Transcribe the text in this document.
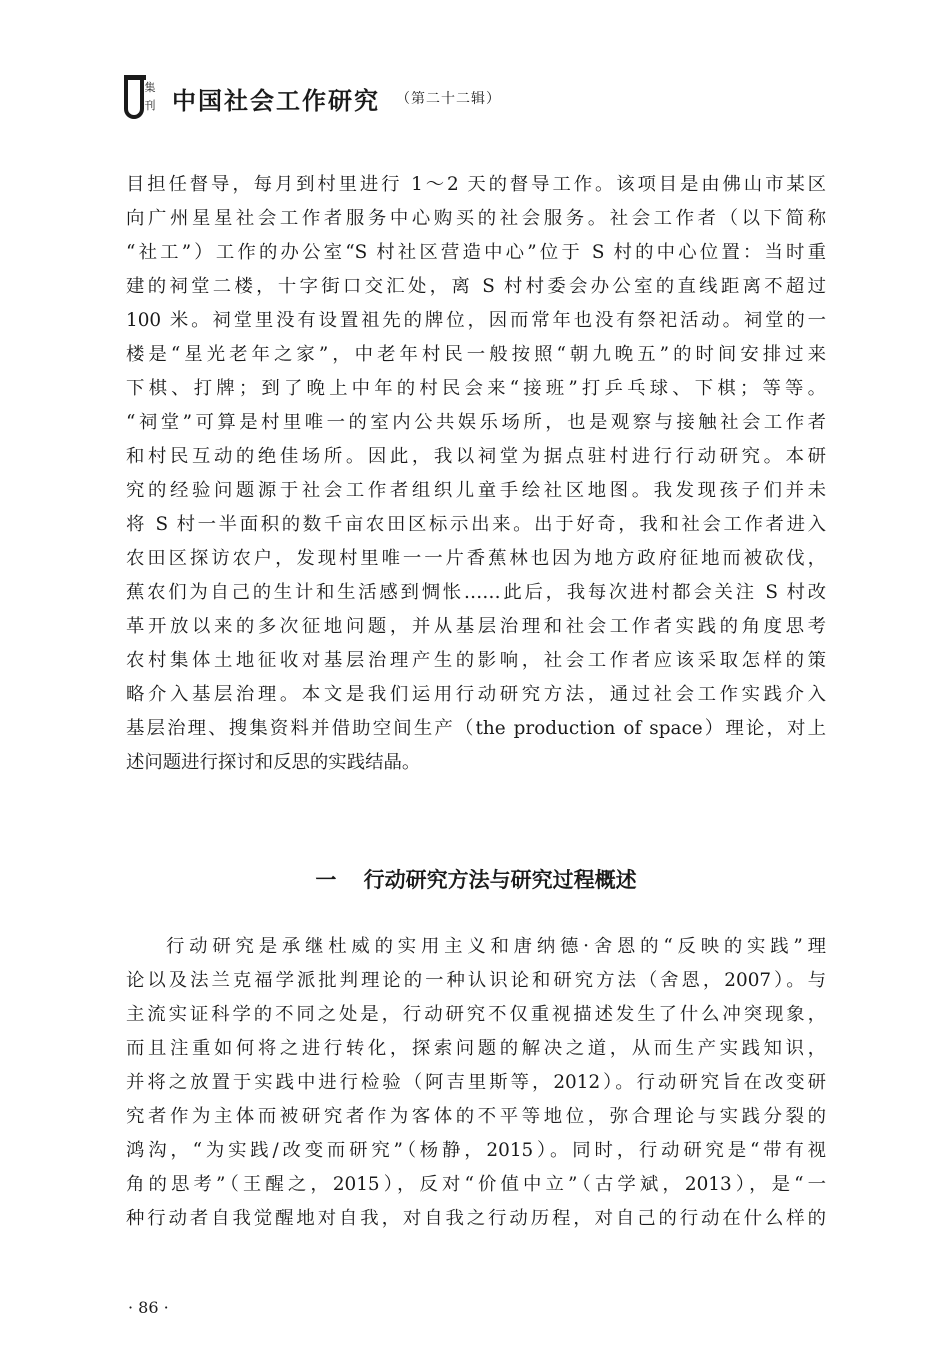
集
刊 中国社会工作研究 （第二十二辑）
目担任督导，每月到村里进行 1～2 天的督导工作。该项目是由佛山市某区
向广州星星社会工作者服务中心购买的社会服务。社会工作者（以下简称
“社工”）工作的办公室“S 村社区营造中心”位于 S 村的中心位置：当时重
建的祠堂二楼，十字街口交汇处，离 S 村村委会办公室的直线距离不超过
100 米。祠堂里没有设置祖先的牌位，因而常年也没有祭祀活动。祠堂的一
楼是“星光老年之家”，中老年村民一般按照“朝九晚五”的时间安排过来
下棋、打牌；到了晚上中年的村民会来“接班”打乒乓球、下棋；等等。
“祠堂”可算是村里唯一的室内公共娱乐场所，也是观察与接触社会工作者
和村民互动的绝佳场所。因此，我以祠堂为据点驻村进行行动研究。本研
究的经验问题源于社会工作者组织儿童手绘社区地图。我发现孩子们并未
将 S 村一半面积的数千亩农田区标示出来。出于好奇，我和社会工作者进入
农田区探访农户，发现村里唯一一片香蕉林也因为地方政府征地而被砍伐，
蕉农们为自己的生计和生活感到惆怅……此后，我每次进村都会关注 S 村改
革开放以来的多次征地问题，并从基层治理和社会工作者实践的角度思考
农村集体土地征收对基层治理产生的影响，社会工作者应该采取怎样的策
略介入基层治理。本文是我们运用行动研究方法，通过社会工作实践介入
基层治理、搜集资料并借助空间生产（the production of space）理论，对上
述问题进行探讨和反思的实践结晶。
一 行动研究方法与研究过程概述
行动研究是承继杜威的实用主义和唐纳德·舍恩的“反映的实践”理
论以及法兰克福学派批判理论的一种认识论和研究方法（舍恩，2007）。与
主流实证科学的不同之处是，行动研究不仅重视描述发生了什么冲突现象，
而且注重如何将之进行转化，探索问题的解决之道，从而生产实践知识，
并将之放置于实践中进行检验（阿吉里斯等，2012）。行动研究旨在改变研
究者作为主体而被研究者作为客体的不平等地位，弥合理论与实践分裂的
鸿沟，“为实践/改变而研究”（杨静，2015）。同时，行动研究是“带有视
角的思考”（王醒之，2015），反对“价值中立”（古学斌，2013），是“一
种行动者自我觉醒地对自我，对自我之行动历程，对自己的行动在什么样的
· 86 ·
